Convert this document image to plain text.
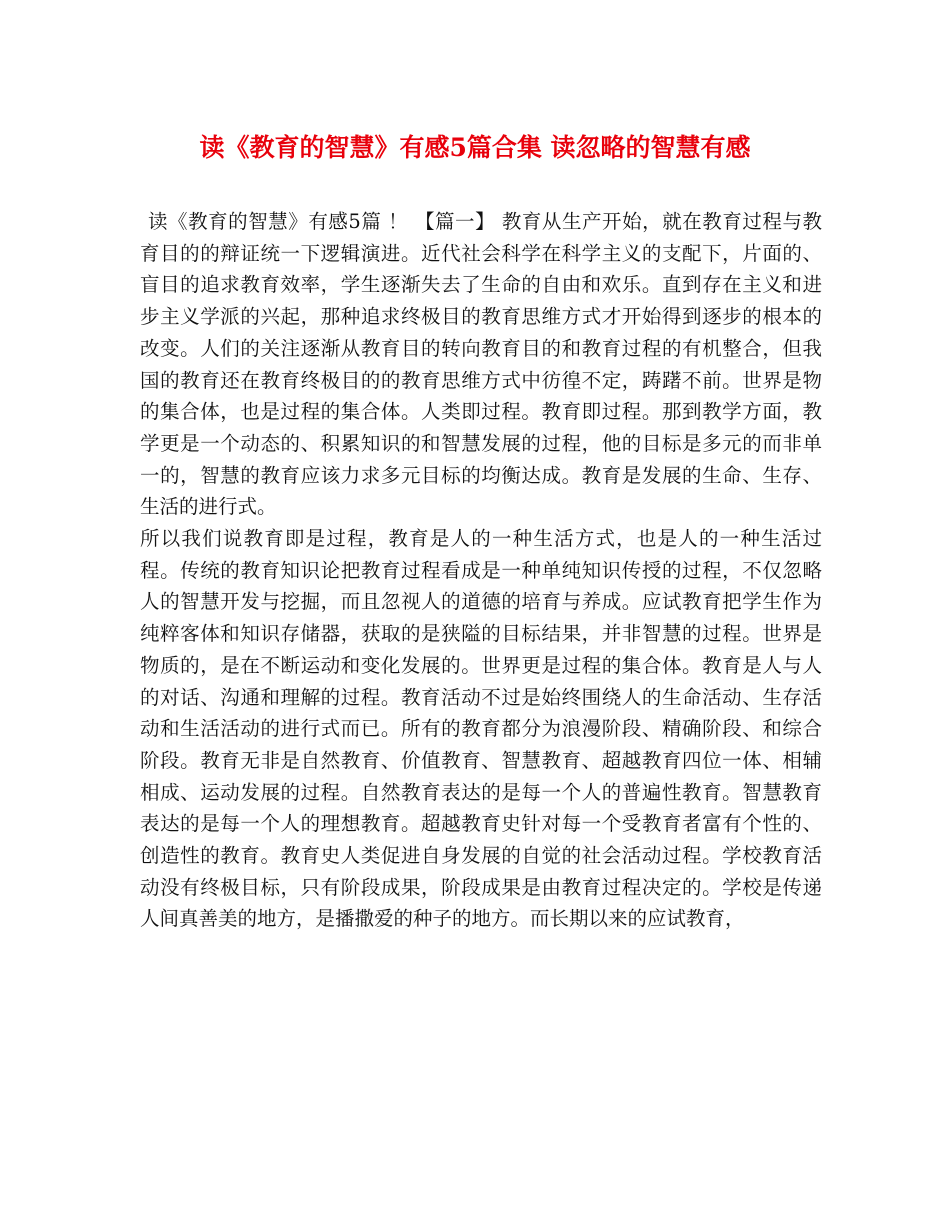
读《教育的智慧》有感5篇合集 读忽略的智慧有感

读《教育的智慧》有感5篇 ！ 【篇一】 教育从生产开始，就在教育过程与教育目的的辩证统一下逻辑演进。近代社会科学在科学主义的支配下，片面的、盲目的追求教育效率，学生逐渐失去了生命的自由和欢乐。直到存在主义和进步主义学派的兴起，那种追求终极目的教育思维方式才开始得到逐步的根本的改变。人们的关注逐渐从教育目的转向教育目的和教育过程的有机整合，但我国的教育还在教育终极目的的教育思维方式中彷徨不定，踌躇不前。世界是物的集合体，也是过程的集合体。人类即过程。教育即过程。那到教学方面，教学更是一个动态的、积累知识的和智慧发展的过程，他的目标是多元的而非单一的，智慧的教育应该力求多元目标的均衡达成。教育是发展的生命、生存、生活的进行式。

所以我们说教育即是过程，教育是人的一种生活方式，也是人的一种生活过程。传统的教育知识论把教育过程看成是一种单纯知识传授的过程，不仅忽略人的智慧开发与挖掘，而且忽视人的道德的培育与养成。应试教育把学生作为纯粹客体和知识存储器，获取的是狭隘的目标结果，并非智慧的过程。世界是物质的，是在不断运动和变化发展的。世界更是过程的集合体。教育是人与人的对话、沟通和理解的过程。教育活动不过是始终围绕人的生命活动、生存活动和生活活动的进行式而已。所有的教育都分为浪漫阶段、精确阶段、和综合阶段。教育无非是自然教育、价值教育、智慧教育、超越教育四位一体、相辅相成、运动发展的过程。自然教育表达的是每一个人的普遍性教育。智慧教育表达的是每一个人的理想教育。超越教育史针对每一个受教育者富有个性的、创造性的教育。教育史人类促进自身发展的自觉的社会活动过程。学校教育活动没有终极目标，只有阶段成果，阶段成果是由教育过程决定的。学校是传递人间真善美的地方，是播撒爱的种子的地方。而长期以来的应试教育，
